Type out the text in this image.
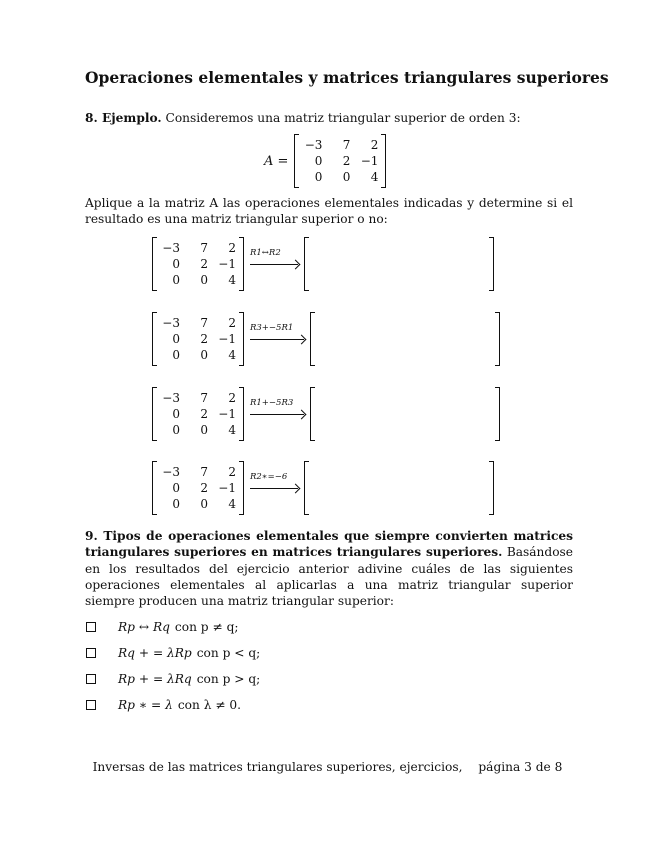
Operaciones elementales y matrices triangulares superiores
8. Ejemplo. Consideremos una matriz triangular superior de orden 3:
A =
−3	7	2
0	2 −1
0	0	4
Aplique a la matriz A las operaciones elementales indicadas y determine si el resultado es una matriz triangular superior o no:
−3	7	2
0	2 −1
0	0	4
R1↔R2
−3	7	2
0	2 −1
0	0	4
R3+−5R1
−3	7	2
0	2 −1
0	0	4
R1+−5R3
−3	7	2
0	2 −1
0	0	4
R2∗=−6
9. Tipos de operaciones elementales que siempre convierten matrices triangulares superiores en matrices triangulares superiores. Basándose en los resultados del ejercicio anterior adivine cuáles de las siguientes operaciones elementales al aplicarlas a una matriz triangular superior siempre producen una matriz triangular superior:
Rp ↔ Rq con p ≠ q;
Rq + = λRp con p < q;
Rp + = λRq con p > q;
Rp ∗ = λ con λ ≠ 0.
Inversas de las matrices triangulares superiores, ejercicios, página 3 de 8
